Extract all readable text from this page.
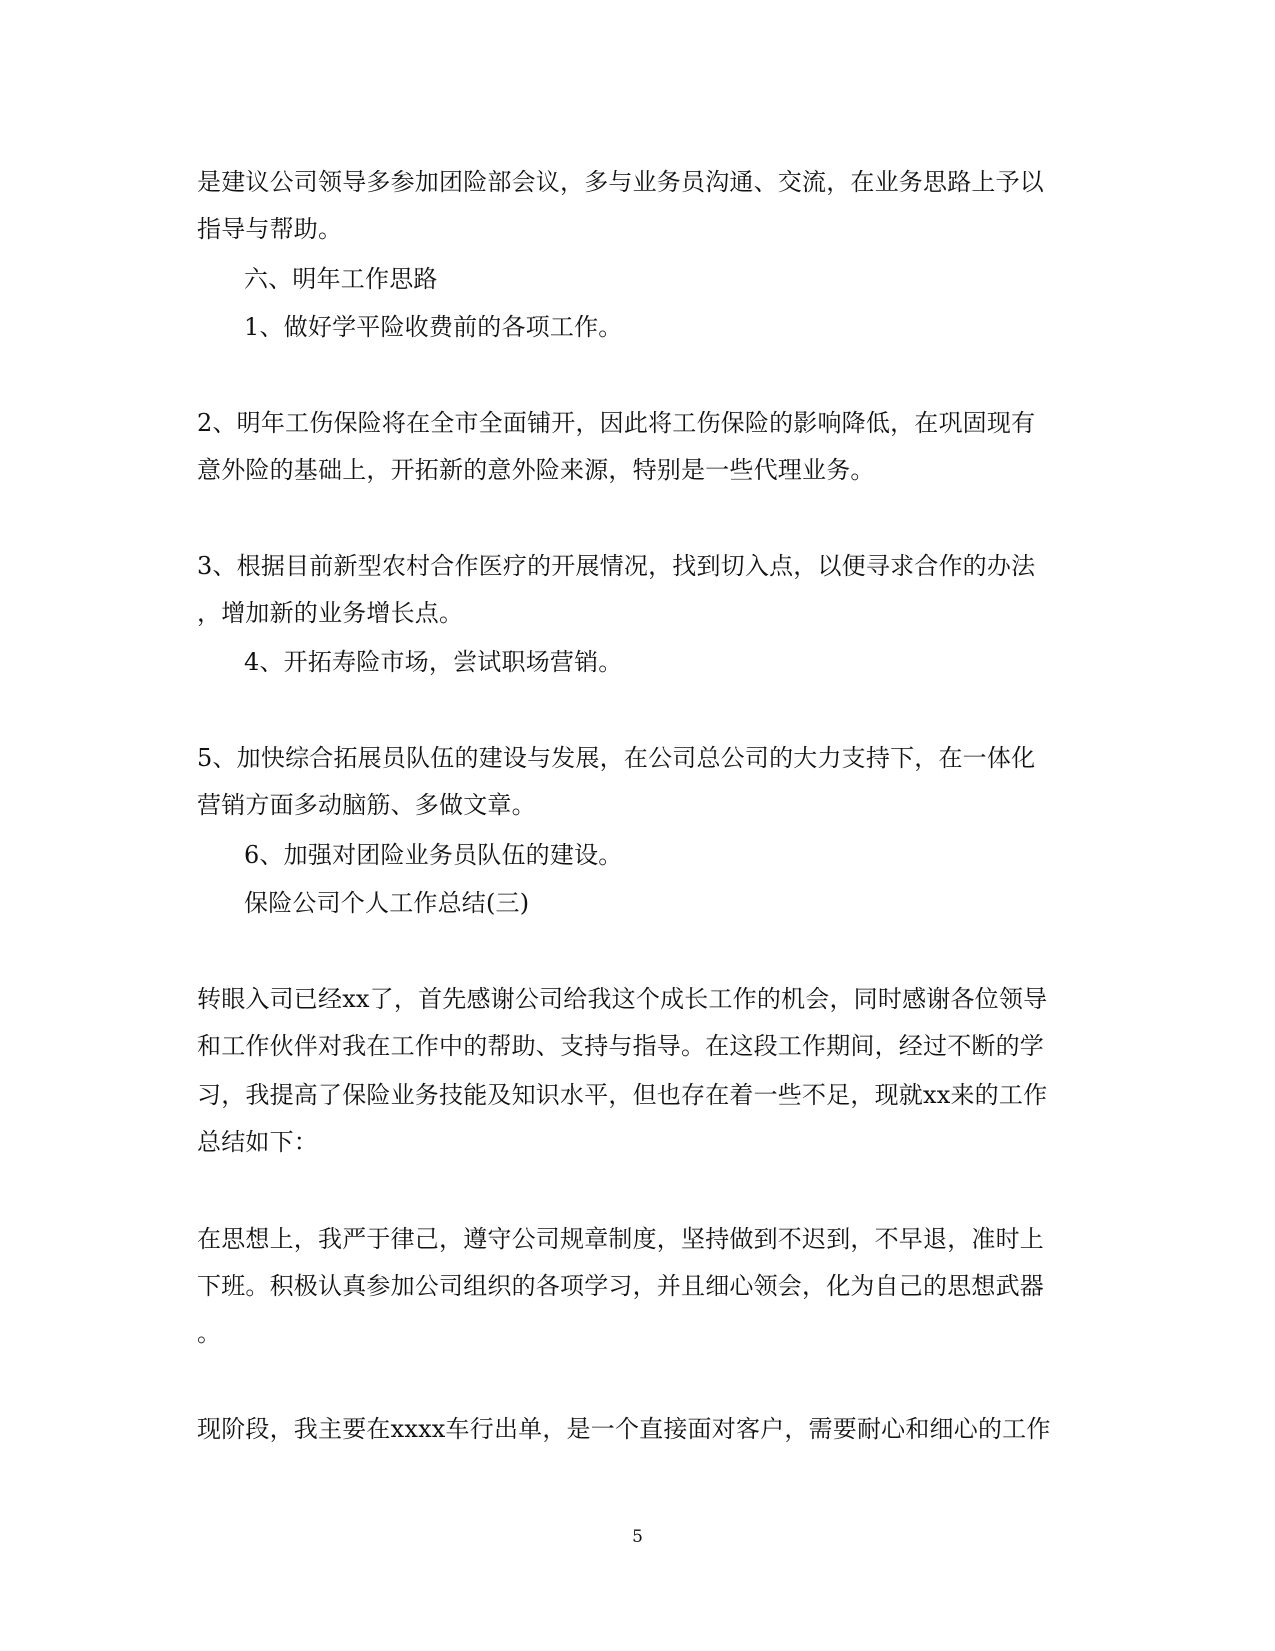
是建议公司领导多参加团险部会议，多与业务员沟通、交流，在业务思路上予以
指导与帮助。
六、明年工作思路
1、做好学平险收费前的各项工作。
2、明年工伤保险将在全市全面铺开，因此将工伤保险的影响降低，在巩固现有
意外险的基础上，开拓新的意外险来源，特别是一些代理业务。
3、根据目前新型农村合作医疗的开展情况，找到切入点，以便寻求合作的办法
，增加新的业务增长点。
4、开拓寿险市场，尝试职场营销。
5、加快综合拓展员队伍的建设与发展，在公司总公司的大力支持下，在一体化
营销方面多动脑筋、多做文章。
6、加强对团险业务员队伍的建设。
保险公司个人工作总结(三)
转眼入司已经xx了，首先感谢公司给我这个成长工作的机会，同时感谢各位领导
和工作伙伴对我在工作中的帮助、支持与指导。在这段工作期间，经过不断的学
习，我提高了保险业务技能及知识水平，但也存在着一些不足，现就xx来的工作
总结如下：
在思想上，我严于律己，遵守公司规章制度，坚持做到不迟到，不早退，准时上
下班。积极认真参加公司组织的各项学习，并且细心领会，化为自己的思想武器
。
现阶段，我主要在xxxx车行出单，是一个直接面对客户，需要耐心和细心的工作
5
